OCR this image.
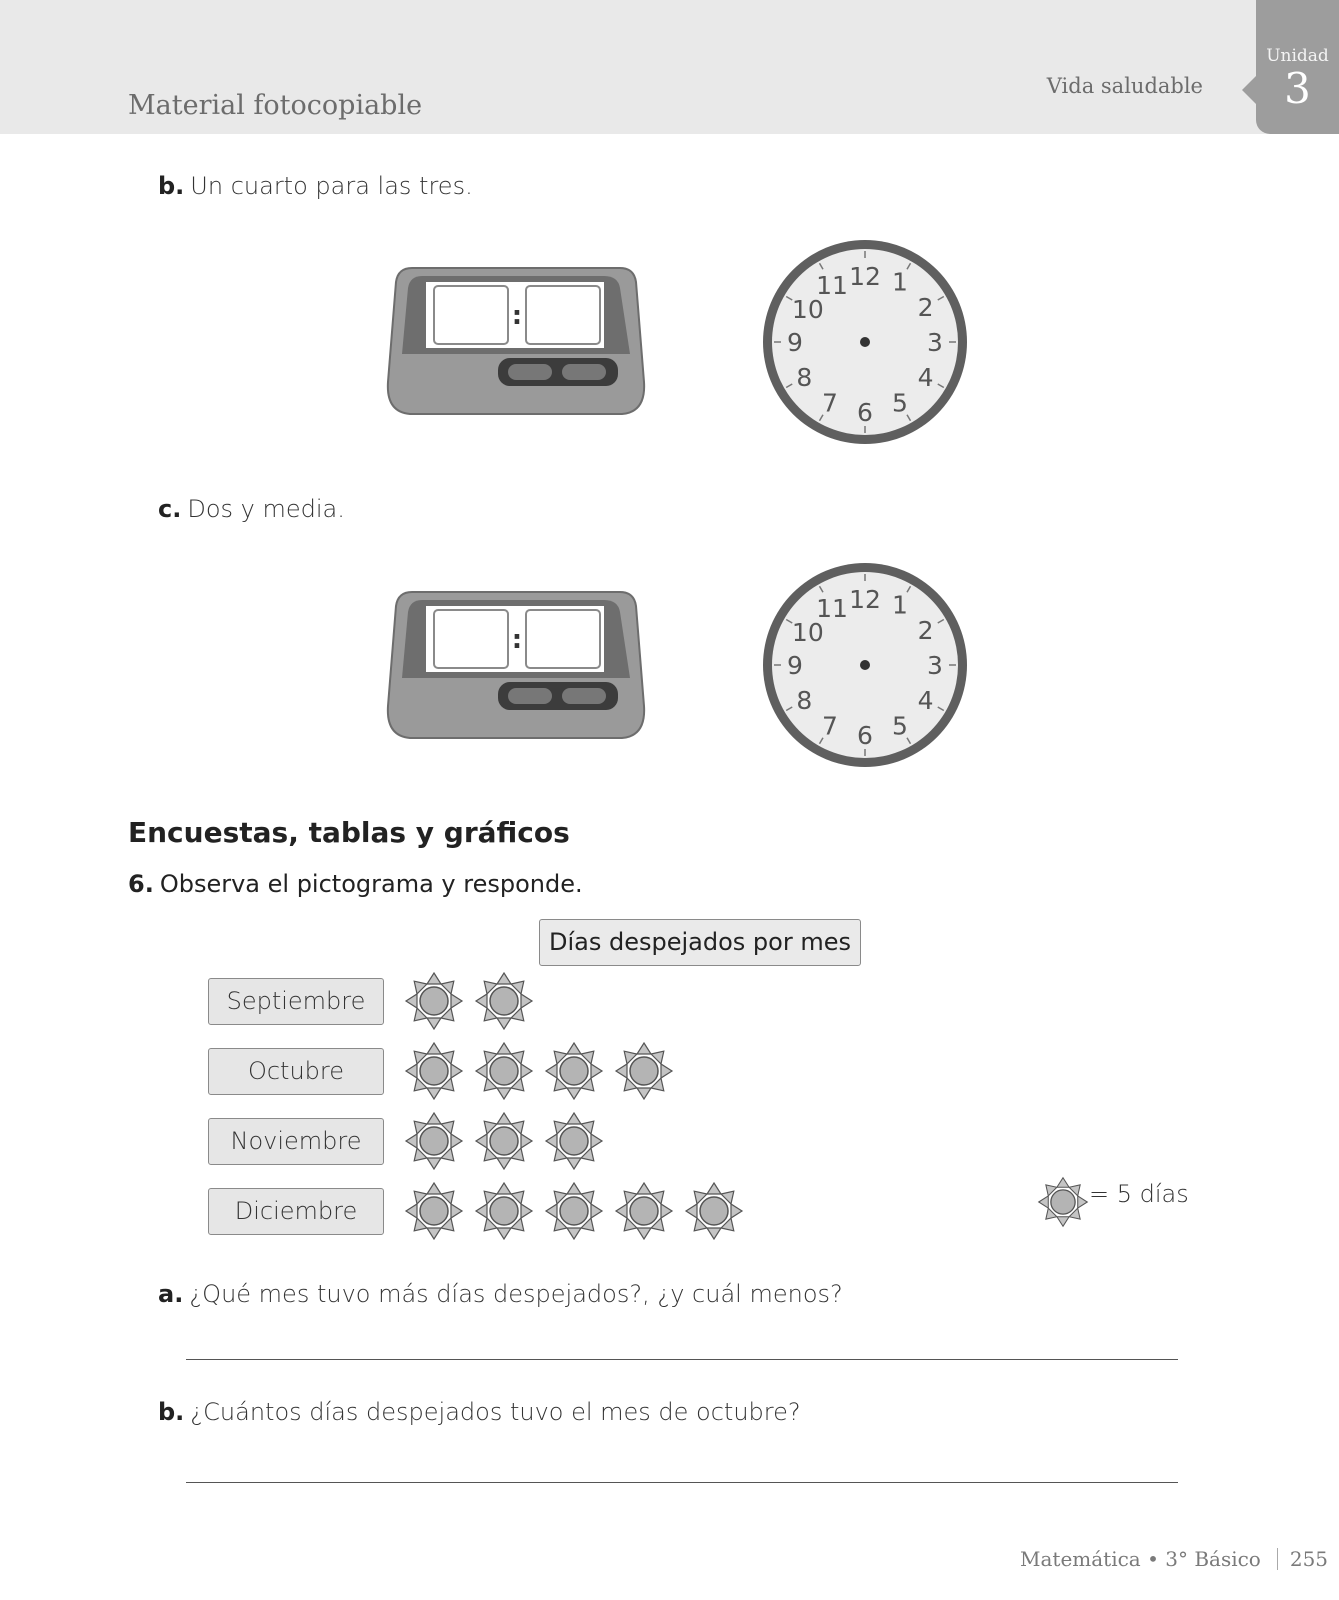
Material fotocopiable
Vida saludable
Unidad
3
b. Un cuarto para las tres.
:
12 1
2
3
4
5
6
7
8
9
10
11
c. Dos y media.
:
12 1
2
3
4
5
6
7
8
9
10
11
Encuestas, tablas y gráficos
6. Observa el pictograma y responde.
Días despejados por mes
Septiembre
Octubre
Noviembre
Diciembre
= 5 días
a. ¿Qué mes tuvo más días despejados?, ¿y cuál menos?
b. ¿Cuántos días despejados tuvo el mes de octubre?
Matemática • 3° Básico 255
